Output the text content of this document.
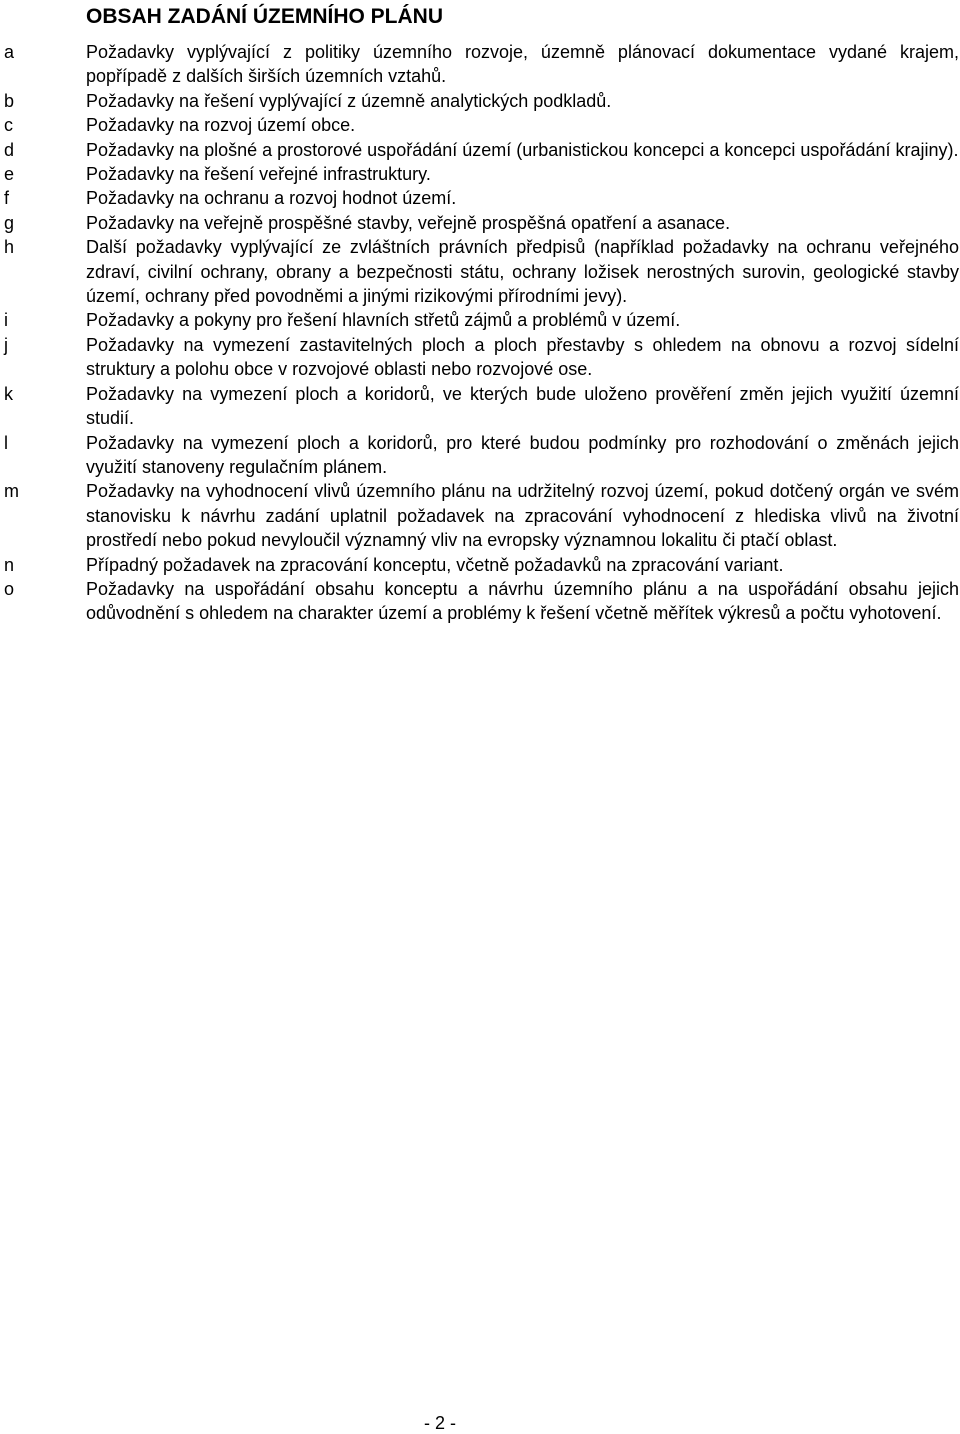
OBSAH ZADÁNÍ ÚZEMNÍHO PLÁNU
a	Požadavky vyplývající z politiky územního rozvoje, územně plánovací dokumentace vydané krajem, popřípadě z dalších širších územních vztahů.
b	Požadavky na řešení vyplývající z územně analytických podkladů.
c	Požadavky na rozvoj území obce.
d	Požadavky na plošné a prostorové uspořádání území (urbanistickou koncepci a koncepci uspořádání krajiny).
e	Požadavky na řešení veřejné infrastruktury.
f	Požadavky na ochranu a rozvoj hodnot území.
g	Požadavky na veřejně prospěšné stavby, veřejně prospěšná opatření a asanace.
h	Další požadavky vyplývající ze zvláštních právních předpisů (například požadavky na ochranu veřejného zdraví, civilní ochrany, obrany a bezpečnosti státu, ochrany ložisek nerostných surovin, geologické stavby území, ochrany před povodněmi a jinými rizikovými přírodními jevy).
i	Požadavky a pokyny pro řešení hlavních střetů zájmů a problémů v území.
j	Požadavky na vymezení zastavitelných ploch a ploch přestavby s ohledem na obnovu a rozvoj sídelní struktury a polohu obce v rozvojové oblasti nebo rozvojové ose.
k	Požadavky na vymezení ploch a koridorů, ve kterých bude uloženo prověření změn jejich využití územní studií.
l	Požadavky na vymezení ploch a koridorů, pro které budou podmínky pro rozhodování o změnách jejich využití stanoveny regulačním plánem.
m	Požadavky na vyhodnocení vlivů územního plánu na udržitelný rozvoj území, pokud dotčený orgán ve svém stanovisku k návrhu zadání uplatnil požadavek na zpracování vyhodnocení z hlediska vlivů na životní prostředí nebo pokud nevyloučil významný vliv na evropsky významnou lokalitu či ptačí oblast.
n	Případný požadavek na zpracování konceptu, včetně požadavků na zpracování variant.
o	Požadavky na uspořádání obsahu konceptu a návrhu územního plánu a na uspořádání obsahu jejich odůvodnění s ohledem na charakter území a problémy k řešení včetně měřítek výkresů a počtu vyhotovení.
- 2 -
